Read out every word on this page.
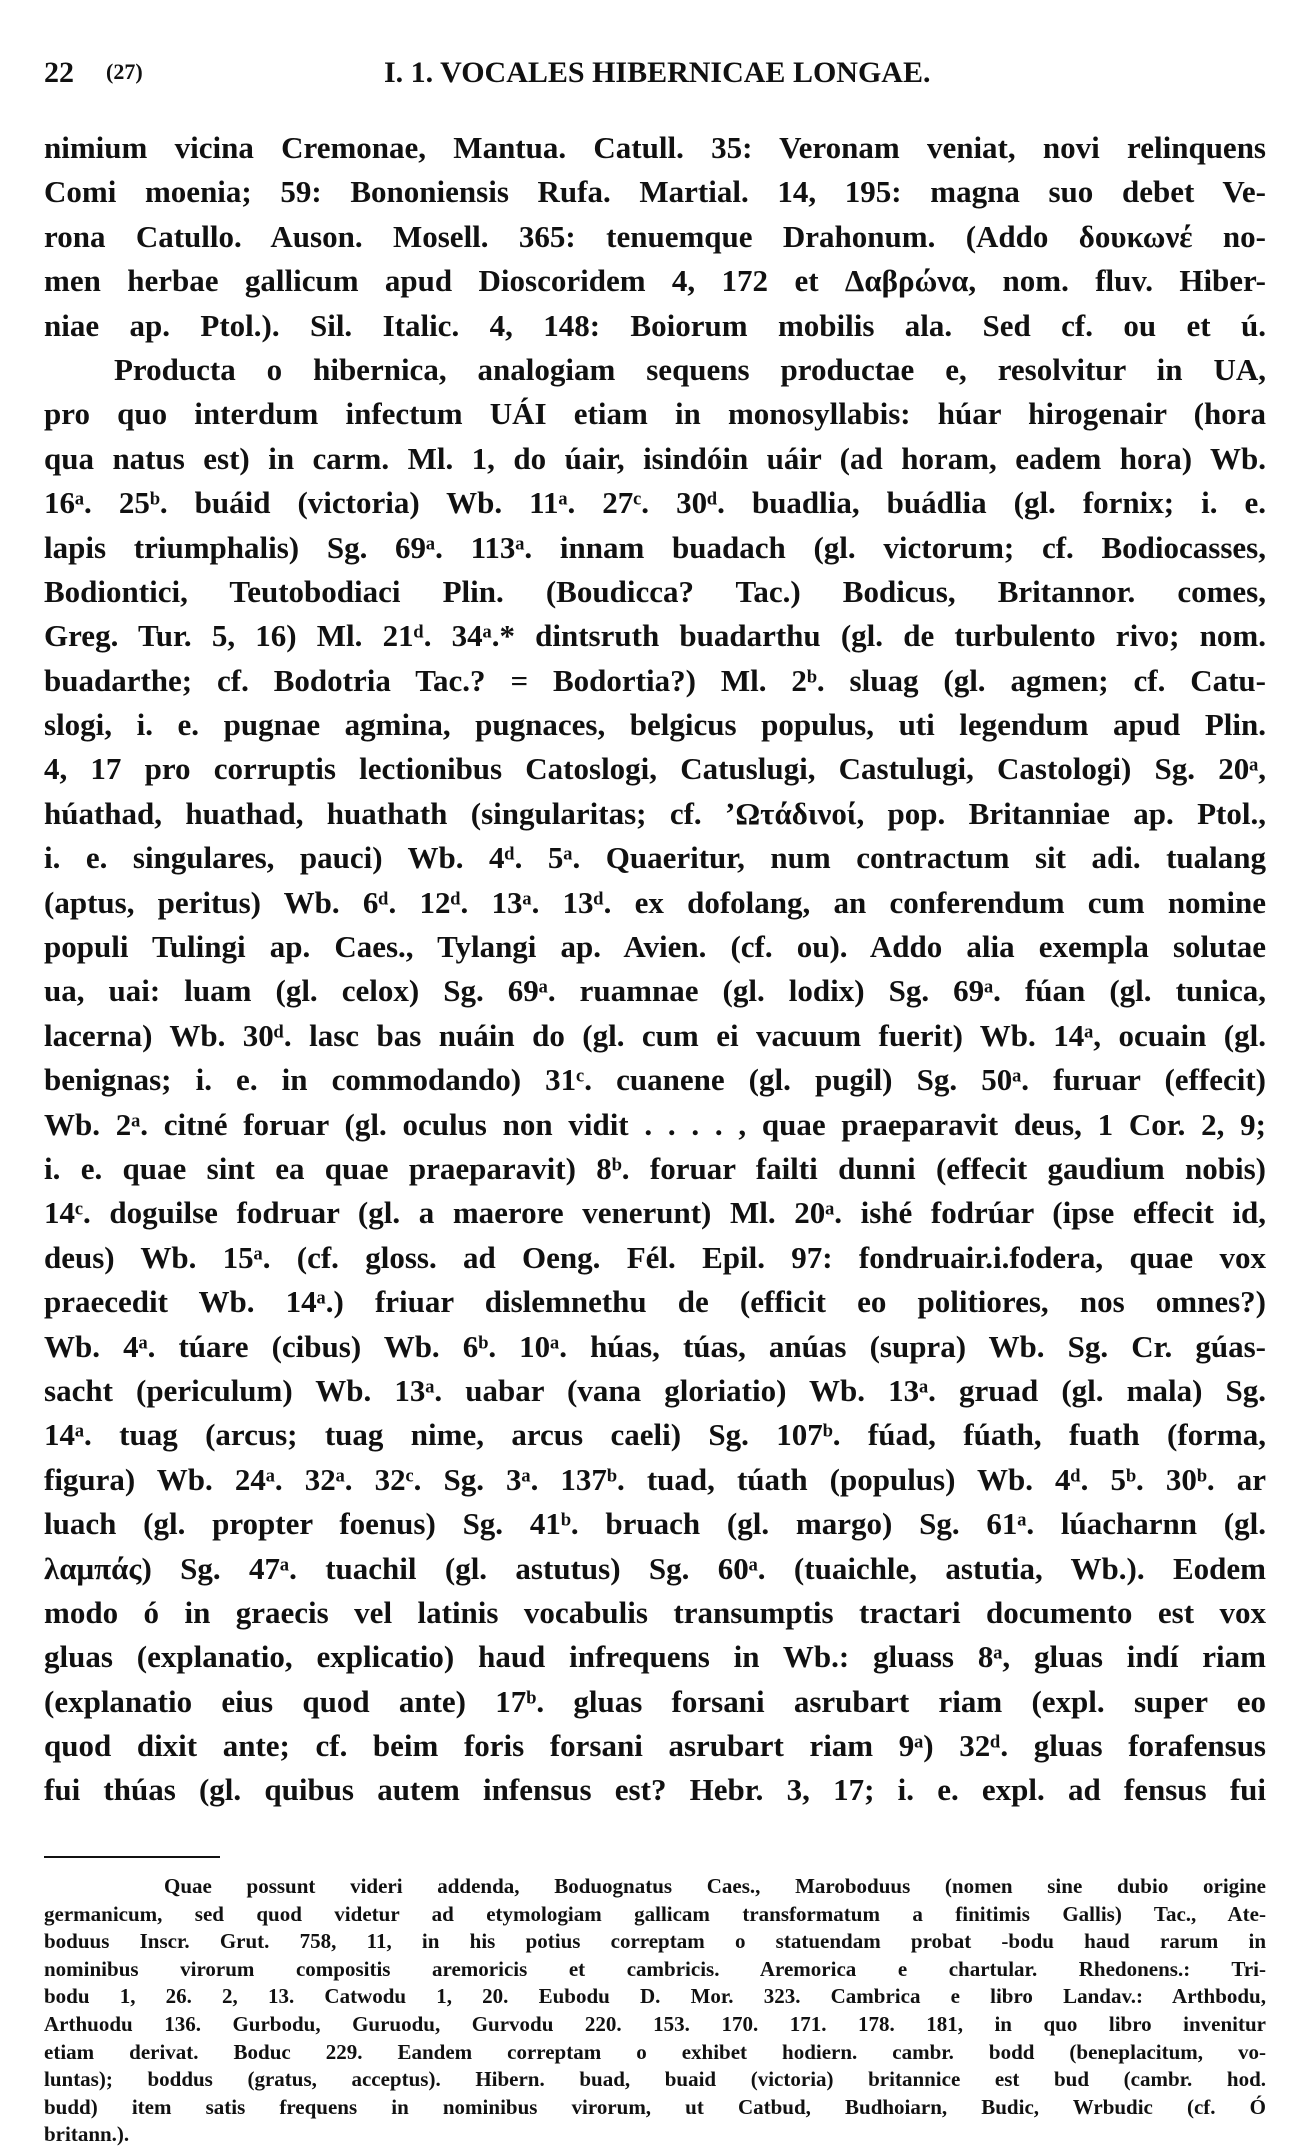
22 (27)	I. 1. VOCALES HIBERNICAE LONGAE.
nimium vicina Cremonae, Mantua. Catull. 35: Veronam veniat, novi relinquens
Comi moenia; 59: Bononiensis Rufa. Martial. 14, 195: magna suo debet Ve-
rona Catullo. Auson. Mosell. 365: tenuemque Drahonum. (Addo δουκωνέ no-
men herbae gallicum apud Dioscoridem 4, 172 et Δαβρώνα, nom. fluv. Hiber-
niae ap. Ptol.). Sil. Italic. 4, 148: Boiorum mobilis ala. Sed cf. ou et ú.
Producta o hibernica, analogiam sequens productae e, resolvitur in UA,
pro quo interdum infectum UÁI etiam in monosyllabis: húar hirogenair (hora
qua natus est) in carm. Ml. 1, do úair, isindóin uáir (ad horam, eadem hora) Wb.
16ᵃ. 25ᵇ. buáid (victoria) Wb. 11ᵃ. 27ᶜ. 30ᵈ. buadlia, buádlia (gl. fornix; i. e.
lapis triumphalis) Sg. 69ᵃ. 113ᵃ. innam buadach (gl. victorum; cf. Bodiocasses,
Bodiontici, Teutobodiaci Plin. (Boudicca? Tac.) Bodicus, Britannor. comes,
Greg. Tur. 5, 16) Ml. 21ᵈ. 34ᵃ.* dintsruth buadarthu (gl. de turbulento rivo; nom.
buadarthe; cf. Bodotria Tac.? = Bodortia?) Ml. 2ᵇ. sluag (gl. agmen; cf. Catu-
slogi, i. e. pugnae agmina, pugnaces, belgicus populus, uti legendum apud Plin.
4, 17 pro corruptis lectionibus Catoslogi, Catuslugi, Castulugi, Castologi) Sg. 20ᵃ,
húathad, huathad, huathath (singularitas; cf. ʼΩτάδινοί, pop. Britanniae ap. Ptol.,
i. e. singulares, pauci) Wb. 4ᵈ. 5ᵃ. Quaeritur, num contractum sit adi. tualang
(aptus, peritus) Wb. 6ᵈ. 12ᵈ. 13ᵃ. 13ᵈ. ex dofolang, an conferendum cum nomine
populi Tulingi ap. Caes., Tylangi ap. Avien. (cf. ou). Addo alia exempla solutae
ua, uai: luam (gl. celox) Sg. 69ᵃ. ruamnae (gl. lodix) Sg. 69ᵃ. fúan (gl. tunica,
lacerna) Wb. 30ᵈ. lasc bas nuáin do (gl. cum ei vacuum fuerit) Wb. 14ᵃ, ocuain (gl.
benignas; i. e. in commodando) 31ᶜ. cuanene (gl. pugil) Sg. 50ᵃ. furuar (effecit)
Wb. 2ᵃ. citné foruar (gl. oculus non vidit . . . . , quae praeparavit deus, 1 Cor. 2, 9;
i. e. quae sint ea quae praeparavit) 8ᵇ. foruar failti dunni (effecit gaudium nobis)
14ᶜ. doguilse fodruar (gl. a maerore venerunt) Ml. 20ᵃ. ishé fodrúar (ipse effecit id,
deus) Wb. 15ᵃ. (cf. gloss. ad Oeng. Fél. Epil. 97: fondruair.i.fodera, quae vox
praecedit Wb. 14ᵃ.) friuar dislemnethu de (efficit eo politiores, nos omnes?)
Wb. 4ᵃ. túare (cibus) Wb. 6ᵇ. 10ᵃ. húas, túas, anúas (supra) Wb. Sg. Cr. gúas-
sacht (periculum) Wb. 13ᵃ. uabar (vana gloriatio) Wb. 13ᵃ. gruad (gl. mala) Sg.
14ᵃ. tuag (arcus; tuag nime, arcus caeli) Sg. 107ᵇ. fúad, fúath, fuath (forma,
figura) Wb. 24ᵃ. 32ᵃ. 32ᶜ. Sg. 3ᵃ. 137ᵇ. tuad, túath (populus) Wb. 4ᵈ. 5ᵇ. 30ᵇ. ar
luach (gl. propter foenus) Sg. 41ᵇ. bruach (gl. margo) Sg. 61ᵃ. lúacharnn (gl.
λαμπάς) Sg. 47ᵃ. tuachil (gl. astutus) Sg. 60ᵃ. (tuaichle, astutia, Wb.). Eodem
modo ó in graecis vel latinis vocabulis transumptis tractari documento est vox
gluas (explanatio, explicatio) haud infrequens in Wb.: gluass 8ᵃ, gluas indí riam
(explanatio eius quod ante) 17ᵇ. gluas forsani asrubart riam (expl. super eo
quod dixit ante; cf. beim foris forsani asrubart riam 9ᵃ) 32ᵈ. gluas forafensus
fui thúas (gl. quibus autem infensus est? Hebr. 3, 17; i. e. expl. ad fensus fui
Quae possunt videri addenda, Boduognatus Caes., Maroboduus (nomen sine dubio origine
germanicum, sed quod videtur ad etymologiam gallicam transformatum a finitimis Gallis) Tac., Ate-
boduus Inscr. Grut. 758, 11, in his potius correptam o statuendam probat -bodu haud rarum in
nominibus virorum compositis aremoricis et cambricis. Aremorica e chartular. Rhedonens.: Tri-
bodu 1, 26. 2, 13. Catwodu 1, 20. Eubodu D. Mor. 323. Cambrica e libro Landav.: Arthbodu,
Arthuodu 136. Gurbodu, Guruodu, Gurvodu 220. 153. 170. 171. 178. 181, in quo libro invenitur
etiam derivat. Boduc 229. Eandem correptam o exhibet hodiern. cambr. bodd (beneplacitum, vo-
luntas); boddus (gratus, acceptus). Hibern. buad, buaid (victoria) britannice est bud (cambr. hod.
budd) item satis frequens in nominibus virorum, ut Catbud, Budhoiarn, Budic, Wrbudic (cf. Ó
britann.).
